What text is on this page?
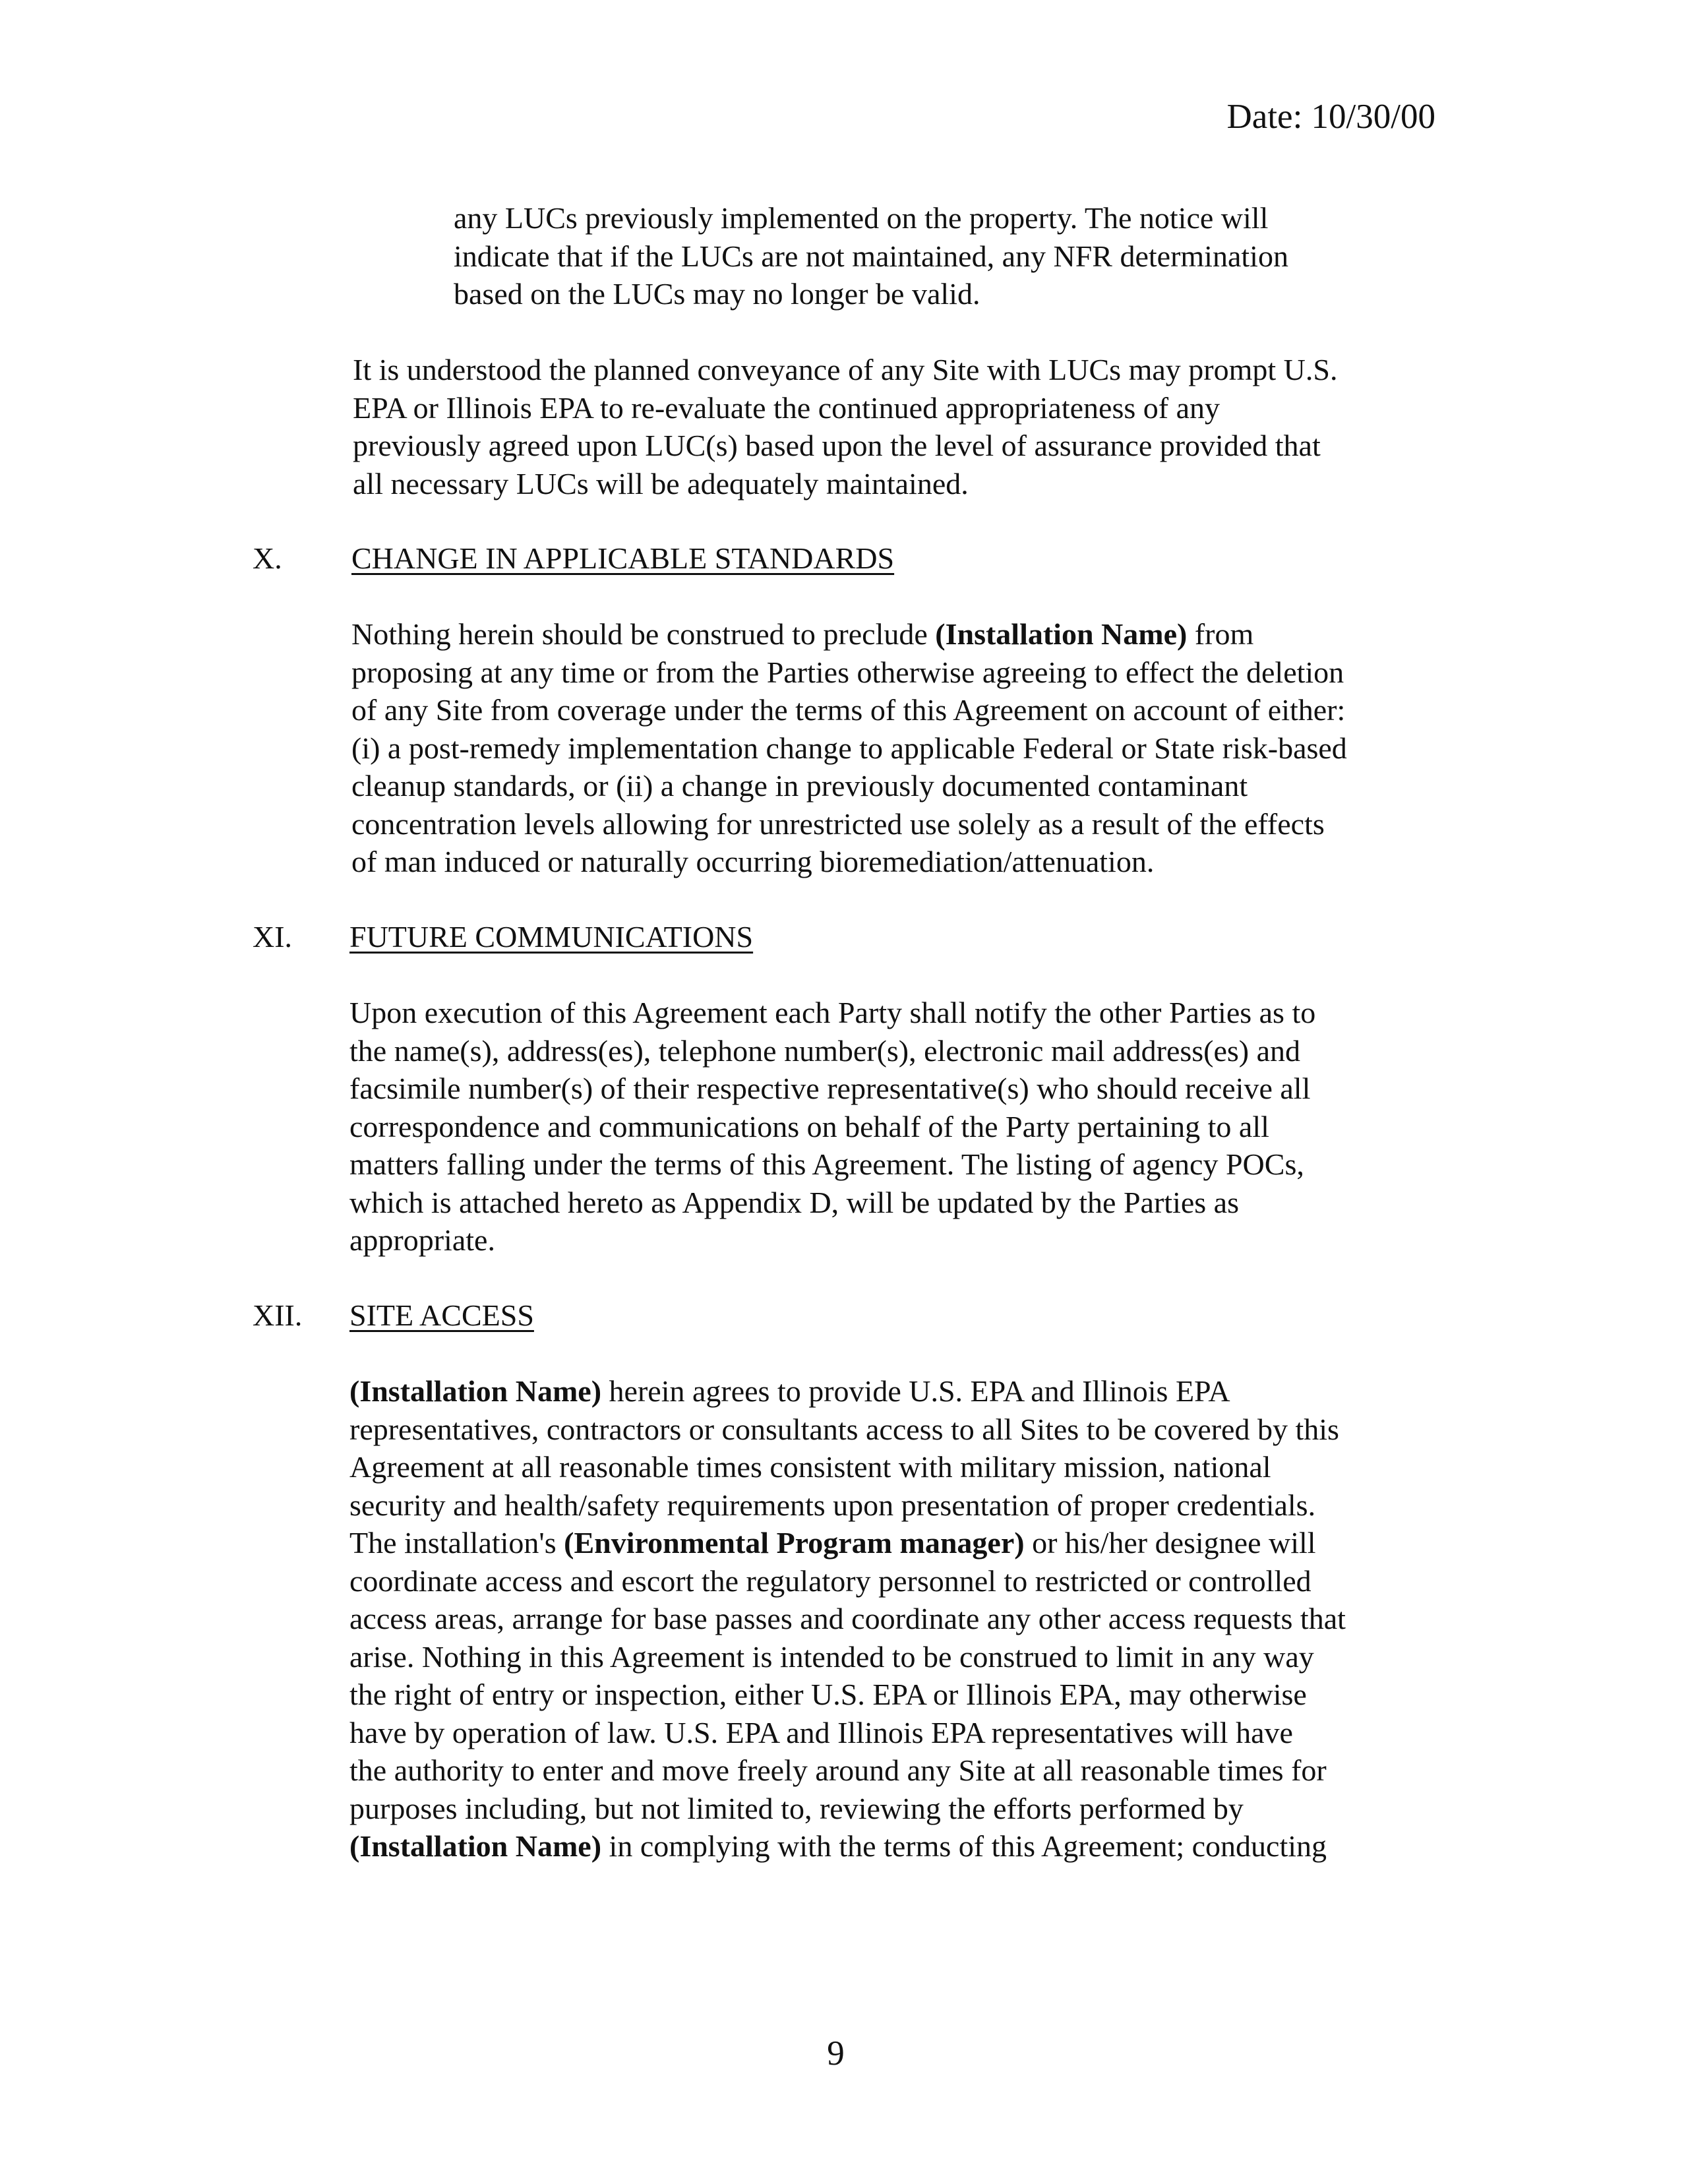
Date: 10/30/00
any LUCs previously implemented on the property. The notice will
indicate that if the LUCs are not maintained, any NFR determination
based on the LUCs may no longer be valid.
It is understood the planned conveyance of any Site with LUCs may prompt U.S.
EPA or Illinois EPA to re-evaluate the continued appropriateness of any
previously agreed upon LUC(s) based upon the level of assurance provided that
all necessary LUCs will be adequately maintained.
X. CHANGE IN APPLICABLE STANDARDS
Nothing herein should be construed to preclude (Installation Name) from
proposing at any time or from the Parties otherwise agreeing to effect the deletion
of any Site from coverage under the terms of this Agreement on account of either:
(i) a post-remedy implementation change to applicable Federal or State risk-based
cleanup standards, or (ii) a change in previously documented contaminant
concentration levels allowing for unrestricted use solely as a result of the effects
of man induced or naturally occurring bioremediation/attenuation.
XI. FUTURE COMMUNICATIONS
Upon execution of this Agreement each Party shall notify the other Parties as to
the name(s), address(es), telephone number(s), electronic mail address(es) and
facsimile number(s) of their respective representative(s) who should receive all
correspondence and communications on behalf of the Party pertaining to all
matters falling under the terms of this Agreement. The listing of agency POCs,
which is attached hereto as Appendix D, will be updated by the Parties as
appropriate.
XII. SITE ACCESS
(Installation Name) herein agrees to provide U.S. EPA and Illinois EPA
representatives, contractors or consultants access to all Sites to be covered by this
Agreement at all reasonable times consistent with military mission, national
security and health/safety requirements upon presentation of proper credentials.
The installation's (Environmental Program manager) or his/her designee will
coordinate access and escort the regulatory personnel to restricted or controlled
access areas, arrange for base passes and coordinate any other access requests that
arise. Nothing in this Agreement is intended to be construed to limit in any way
the right of entry or inspection, either U.S. EPA or Illinois EPA, may otherwise
have by operation of law. U.S. EPA and Illinois EPA representatives will have
the authority to enter and move freely around any Site at all reasonable times for
purposes including, but not limited to, reviewing the efforts performed by
(Installation Name) in complying with the terms of this Agreement; conducting
9
